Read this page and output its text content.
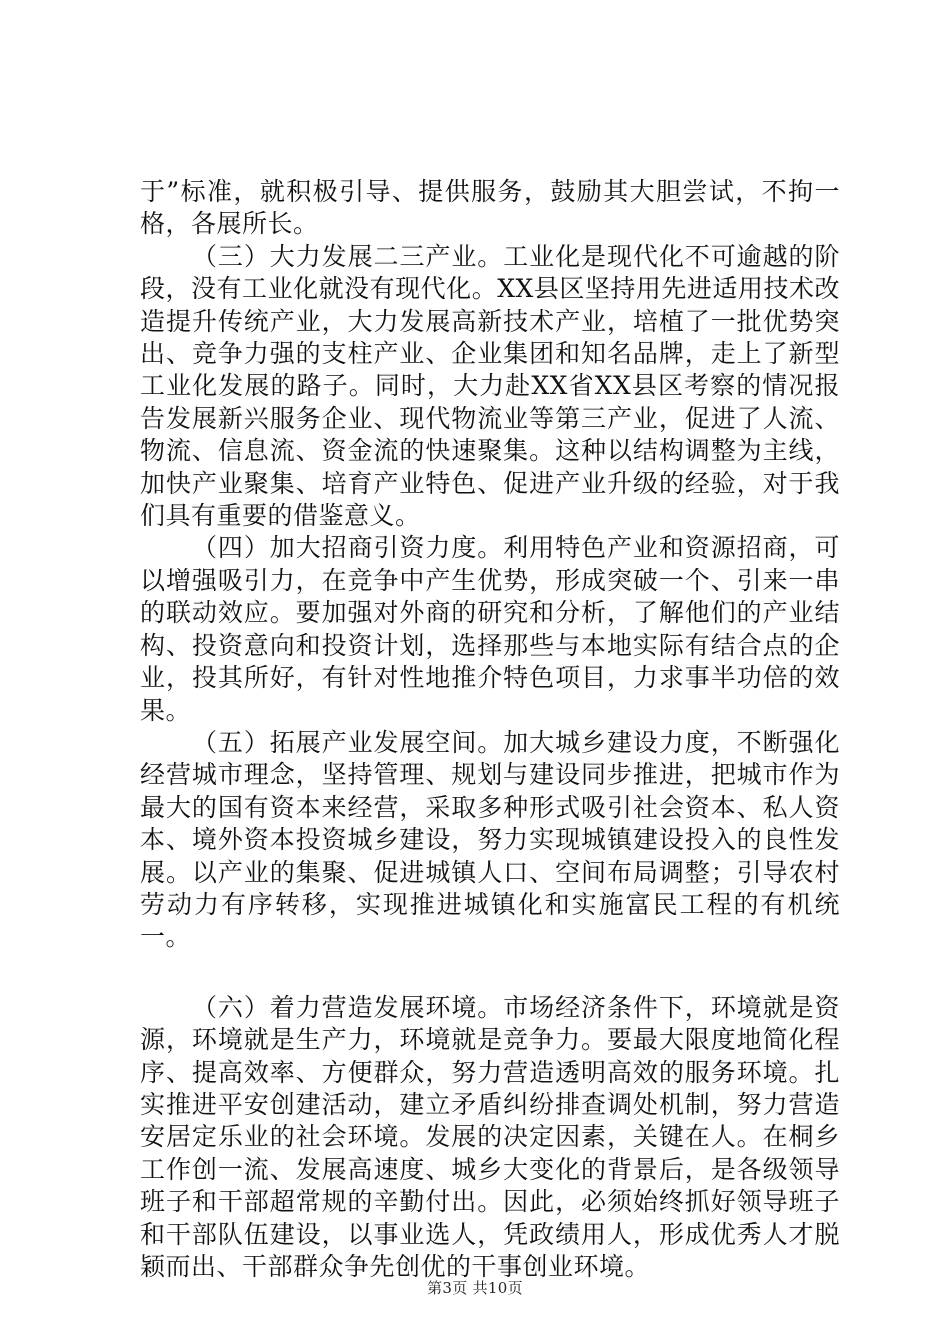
于”标准，就积极引导、提供服务，鼓励其大胆尝试，不拘一格，各展所长。

（三）大力发展二三产业。工业化是现代化不可逾越的阶段，没有工业化就没有现代化。XX县区坚持用先进适用技术改造提升传统产业，大力发展高新技术产业，培植了一批优势突出、竞争力强的支柱产业、企业集团和知名品牌，走上了新型工业化发展的路子。同时，大力赴XX省XX县区考察的情况报告发展新兴服务企业、现代物流业等第三产业，促进了人流、物流、信息流、资金流的快速聚集。这种以结构调整为主线，加快产业聚集、培育产业特色、促进产业升级的经验，对于我们具有重要的借鉴意义。

（四）加大招商引资力度。利用特色产业和资源招商，可以增强吸引力，在竞争中产生优势，形成突破一个、引来一串的联动效应。要加强对外商的研究和分析，了解他们的产业结构、投资意向和投资计划，选择那些与本地实际有结合点的企业，投其所好，有针对性地推介特色项目，力求事半功倍的效果。

（五）拓展产业发展空间。加大城乡建设力度，不断强化经营城市理念，坚持管理、规划与建设同步推进，把城市作为最大的国有资本来经营，采取多种形式吸引社会资本、私人资本、境外资本投资城乡建设，努力实现城镇建设投入的良性发展。以产业的集聚、促进城镇人口、空间布局调整；引导农村劳动力有序转移，实现推进城镇化和实施富民工程的有机统一。

（六）着力营造发展环境。市场经济条件下，环境就是资源，环境就是生产力，环境就是竞争力。要最大限度地简化程序、提高效率、方便群众，努力营造透明高效的服务环境。扎实推进平安创建活动，建立矛盾纠纷排查调处机制，努力营造安居定乐业的社会环境。发展的决定因素，关键在人。在桐乡工作创一流、发展高速度、城乡大变化的背景后，是各级领导班子和干部超常规的辛勤付出。因此，必须始终抓好领导班子和干部队伍建设，以事业选人，凭政绩用人，形成优秀人才脱颖而出、干部群众争先创优的干事创业环境。

第3页 共10页
